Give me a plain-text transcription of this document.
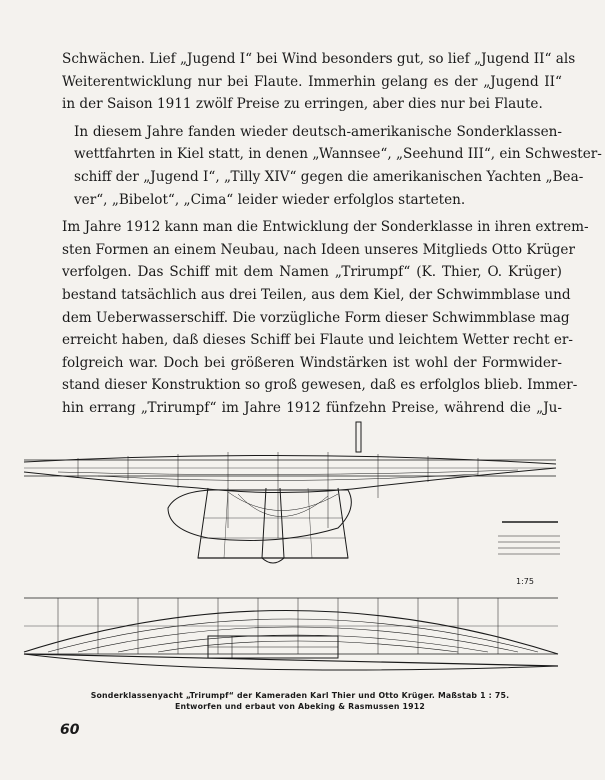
Schwächen. Lief „Jugend I“ bei Wind besonders gut, so lief „Jugend II“ als
Weiterentwicklung nur bei Flaute. Immerhin gelang es der „Jugend II“
in der Saison 1911 zwölf Preise zu erringen, aber dies nur bei Flaute.

In diesem Jahre fanden wieder deutsch-amerikanische Sonderklassen-
wettfahrten in Kiel statt, in denen „Wannsee“, „Seehund III“, ein Schwester-
schiff der „Jugend I“, „Tilly XIV“ gegen die amerikanischen Yachten „Bea-
ver“, „Bibelot“, „Cima“ leider wieder erfolglos starteten.

Im Jahre 1912 kann man die Entwicklung der Sonderklasse in ihren extrem-
sten Formen an einem Neubau, nach Ideen unseres Mitglieds Otto Krüger
verfolgen. Das Schiff mit dem Namen „Trirumpf“ (K. Thier, O. Krüger)
bestand tatsächlich aus drei Teilen, aus dem Kiel, der Schwimmblase und
dem Ueberwasserschiff. Die vorzügliche Form dieser Schwimmblase mag
erreicht haben, daß dieses Schiff bei Flaute und leichtem Wetter recht er-
folgreich war. Doch bei größeren Windstärken ist wohl der Formwider-
stand dieser Konstruktion so groß gewesen, daß es erfolglos blieb. Immer-
hin errang „Trirumpf“ im Jahre 1912 fünfzehn Preise, während die „Ju-

1:75
Sonderklassenyacht „Trirumpf“ der Kameraden Karl Thier und Otto Krüger. Maßstab 1 : 75.
Entworfen und erbaut von Abeking & Rasmussen 1912
60
